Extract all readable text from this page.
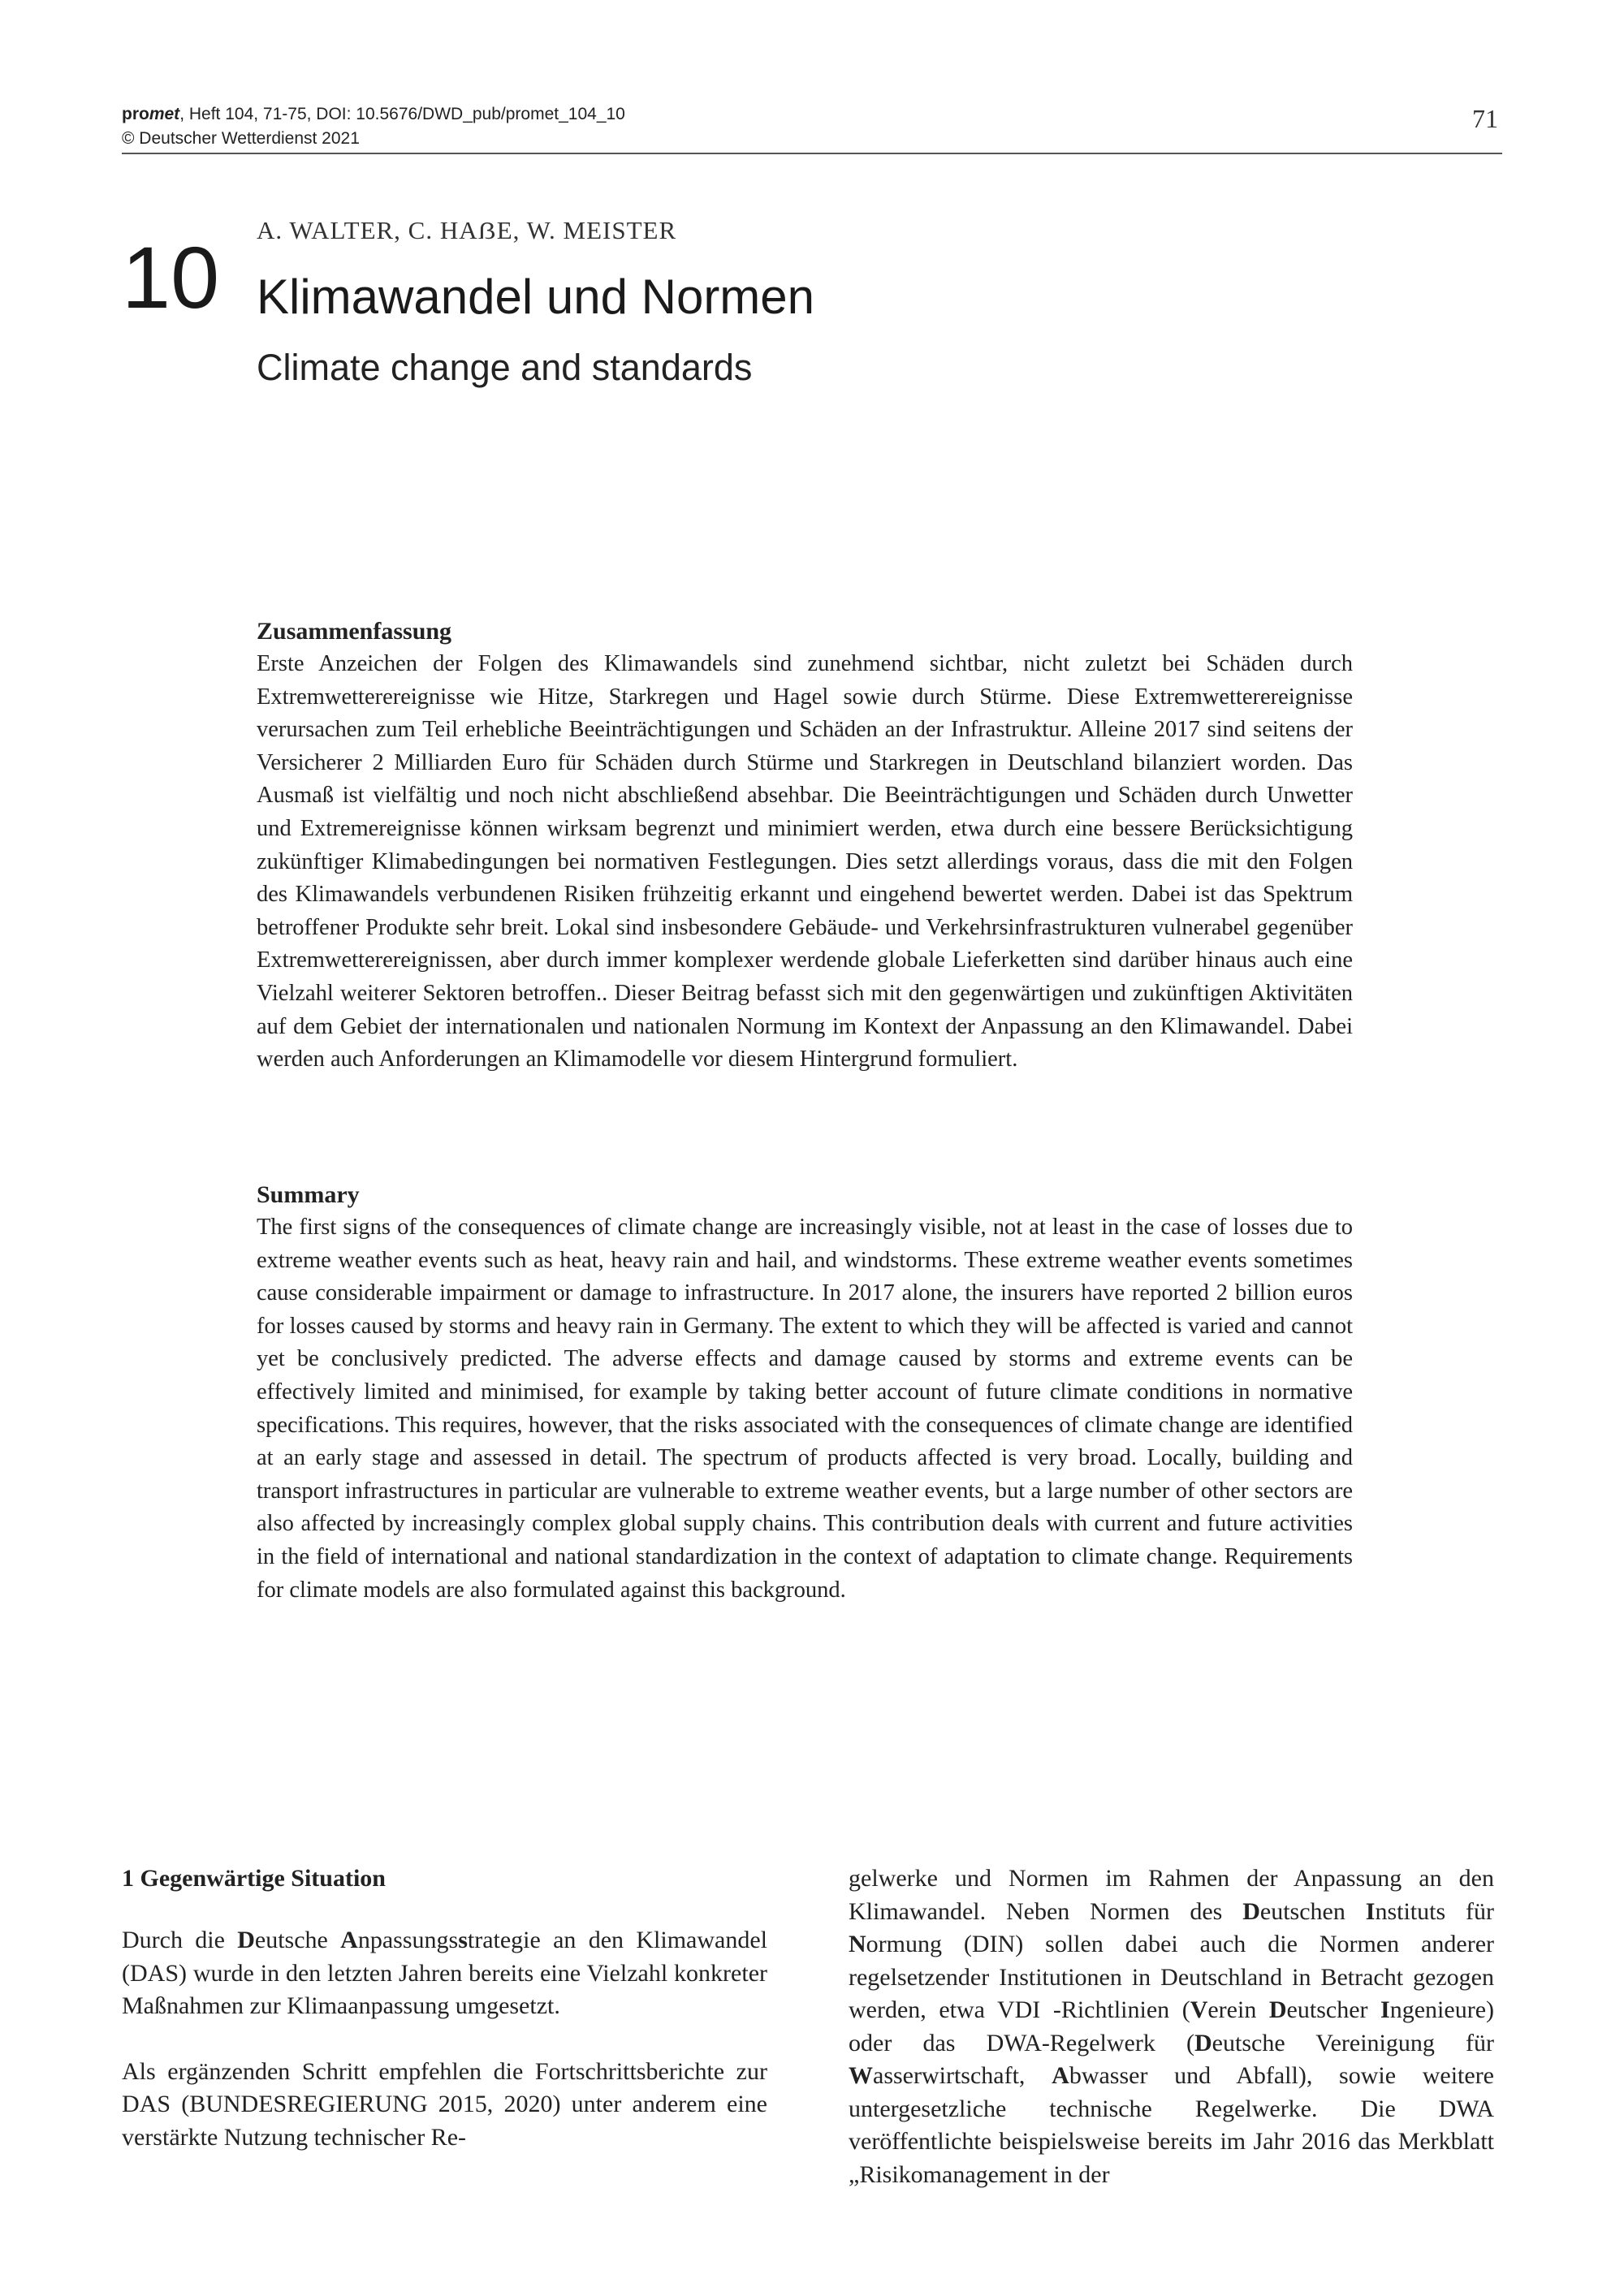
promet, Heft 104, 71-75, DOI: 10.5676/DWD_pub/promet_104_10
© Deutscher Wetterdienst 2021
71
A. WALTER, C. HAẞE, W. MEISTER
10 Klimawandel und Normen
Climate change and standards
Zusammenfassung

Erste Anzeichen der Folgen des Klimawandels sind zunehmend sichtbar, nicht zuletzt bei Schäden durch Extremwetterereignisse wie Hitze, Starkregen und Hagel sowie durch Stürme. Diese Extremwetterereignisse verursachen zum Teil erhebliche Beeinträchtigungen und Schäden an der Infrastruktur. Alleine 2017 sind seitens der Versicherer 2 Milliarden Euro für Schäden durch Stürme und Starkregen in Deutschland bilanziert worden. Das Ausmaß ist vielfältig und noch nicht abschließend absehbar. Die Beeinträchtigungen und Schäden durch Unwetter und Extremereignisse können wirksam begrenzt und minimiert werden, etwa durch eine bessere Berücksichtigung zukünftiger Klimabedingungen bei normativen Festlegungen. Dies setzt allerdings voraus, dass die mit den Folgen des Klimawandels verbundenen Risiken frühzeitig erkannt und eingehend bewertet werden. Dabei ist das Spektrum betroffener Produkte sehr breit. Lokal sind insbesondere Gebäude- und Verkehrsinfrastrukturen vulnerabel gegenüber Extremwetterereignissen, aber durch immer komplexer werdende globale Lieferketten sind darüber hinaus auch eine Vielzahl weiterer Sektoren betroffen.. Dieser Beitrag befasst sich mit den gegenwärtigen und zukünftigen Aktivitäten auf dem Gebiet der internationalen und nationalen Normung im Kontext der Anpassung an den Klimawandel. Dabei werden auch Anforderungen an Klimamodelle vor diesem Hintergrund formuliert.

Summary

The first signs of the consequences of climate change are increasingly visible, not at least in the case of losses due to extreme weather events such as heat, heavy rain and hail, and windstorms. These extreme weather events sometimes cause considerable impairment or damage to infrastructure. In 2017 alone, the insurers have reported 2 billion euros for losses caused by storms and heavy rain in Germany. The extent to which they will be affected is varied and cannot yet be conclusively predicted. The adverse effects and damage caused by storms and extreme events can be effectively limited and minimised, for example by taking better account of future climate conditions in normative specifications. This requires, however, that the risks associated with the consequences of climate change are identified at an early stage and assessed in detail. The spectrum of products affected is very broad. Locally, building and transport infrastructures in particular are vulnerable to extreme weather events, but a large number of other sectors are also affected by increasingly complex global supply chains. This contribution deals with current and future activities in the field of international and national standardization in the context of adaptation to climate change. Requirements for climate models are also formulated against this background.

1 Gegenwärtige Situation

Durch die Deutsche Anpassungsstrategie an den Klimawandel (DAS) wurde in den letzten Jahren bereits eine Vielzahl konkreter Maßnahmen zur Klimaanpassung umgesetzt.

Als ergänzenden Schritt empfehlen die Fortschrittsberichte zur DAS (BUNDESREGIERUNG 2015, 2020) unter anderem eine verstärkte Nutzung technischer Re-

gelwerke und Normen im Rahmen der Anpassung an den Klimawandel. Neben Normen des Deutschen Instituts für Normung (DIN) sollen dabei auch die Normen anderer regelsetzender Institutionen in Deutschland in Betracht gezogen werden, etwa VDI -Richtlinien (Verein Deutscher Ingenieure) oder das DWA-Regelwerk (Deutsche Vereinigung für Wasserwirtschaft, Abwasser und Abfall), sowie weitere untergesetzliche technische Regelwerke. Die DWA veröffentlichte beispielsweise bereits im Jahr 2016 das Merkblatt „Risikomanagement in der
